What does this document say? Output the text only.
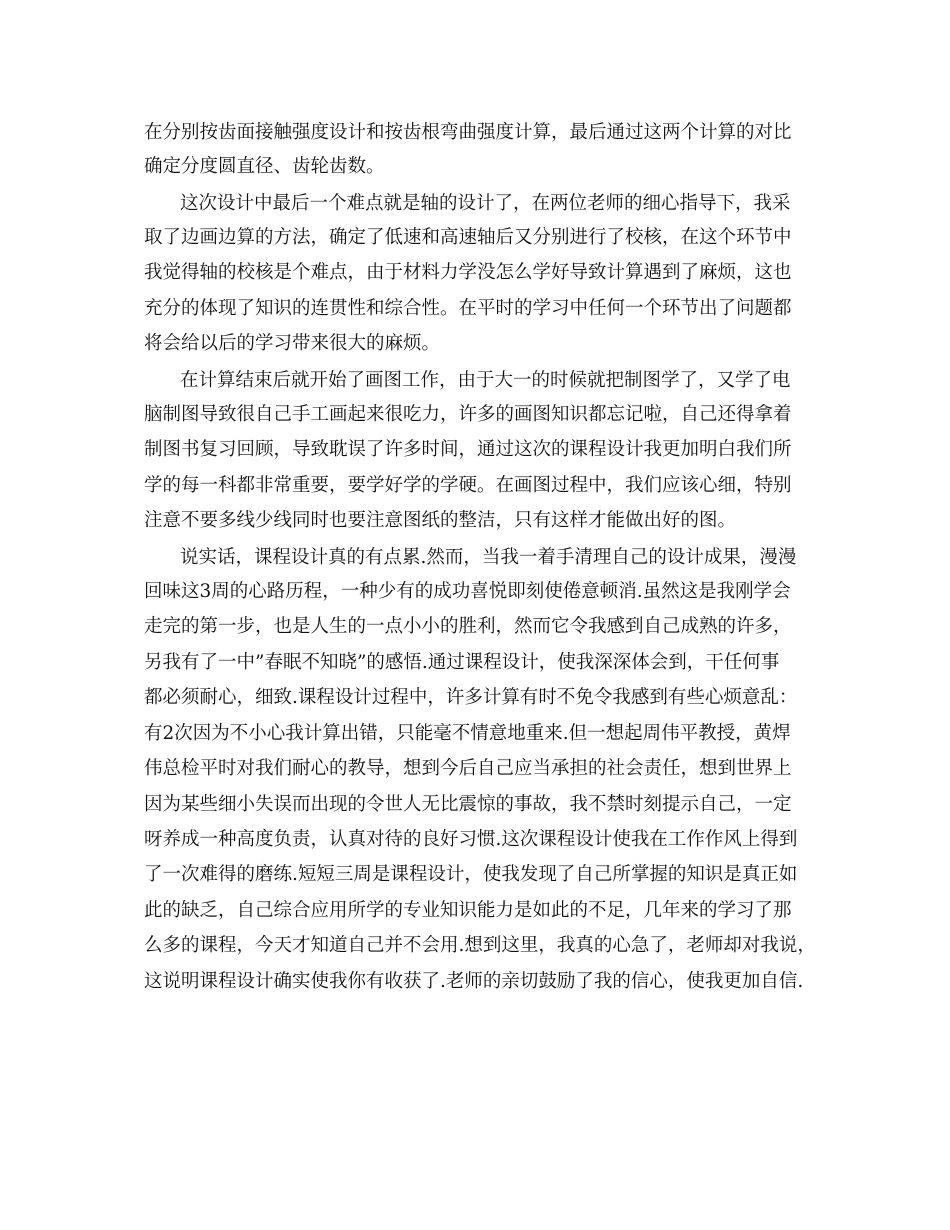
在分别按齿面接触强度设计和按齿根弯曲强度计算，最后通过这两个计算的对比
确定分度圆直径、齿轮齿数。
这次设计中最后一个难点就是轴的设计了，在两位老师的细心指导下，我采
取了边画边算的方法，确定了低速和高速轴后又分别进行了校核，在这个环节中
我觉得轴的校核是个难点，由于材料力学没怎么学好导致计算遇到了麻烦，这也
充分的体现了知识的连贯性和综合性。在平时的学习中任何一个环节出了问题都
将会给以后的学习带来很大的麻烦。
在计算结束后就开始了画图工作，由于大一的时候就把制图学了，又学了电
脑制图导致很自己手工画起来很吃力，许多的画图知识都忘记啦，自己还得拿着
制图书复习回顾，导致耽误了许多时间，通过这次的课程设计我更加明白我们所
学的每一科都非常重要，要学好学的学硬。在画图过程中，我们应该心细，特别
注意不要多线少线同时也要注意图纸的整洁，只有这样才能做出好的图。
说实话，课程设计真的有点累.然而，当我一着手清理自己的设计成果，漫漫
回味这3周的心路历程，一种少有的成功喜悦即刻使倦意顿消.虽然这是我刚学会
走完的第一步，也是人生的一点小小的胜利，然而它令我感到自己成熟的许多，
另我有了一中”春眠不知晓”的感悟.通过课程设计，使我深深体会到，干任何事
都必须耐心，细致.课程设计过程中，许多计算有时不免令我感到有些心烦意乱：
有2次因为不小心我计算出错，只能毫不情意地重来.但一想起周伟平教授，黄焊
伟总检平时对我们耐心的教导，想到今后自己应当承担的社会责任，想到世界上
因为某些细小失误而出现的令世人无比震惊的事故，我不禁时刻提示自己，一定
呀养成一种高度负责，认真对待的良好习惯.这次课程设计使我在工作作风上得到
了一次难得的磨练.短短三周是课程设计，使我发现了自己所掌握的知识是真正如
此的缺乏，自己综合应用所学的专业知识能力是如此的不足，几年来的学习了那
么多的课程，今天才知道自己并不会用.想到这里，我真的心急了，老师却对我说，
这说明课程设计确实使我你有收获了.老师的亲切鼓励了我的信心，使我更加自信.
